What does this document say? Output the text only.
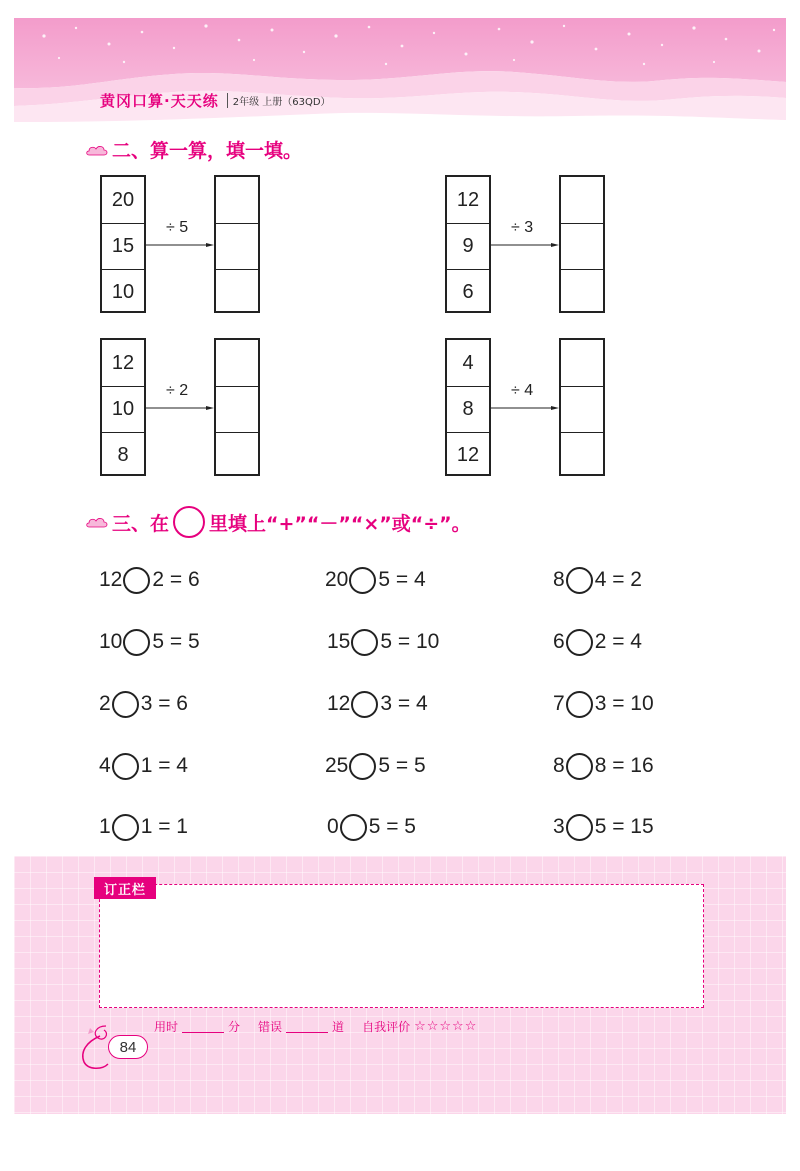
黄冈口算·天天练 2年级 上册（63QD）
二、算一算，填一填。
20
15
10
÷ 5
12
9
6
÷ 3
12
10
8
÷ 2
4
8
12
÷ 4
三、在 里填上“+”“－”“×”或“÷”。
12 2 = 6	20 5 = 4	8 4 = 2
10 5 = 5	15 5 = 10	6 2 = 4
2 3 = 6	12 3 = 4	7 3 = 10
4 1 = 4	25 5 = 5	8 8 = 16
1 1 = 1	0 5 = 5	3 5 = 15
订正栏
用时	分 错误	道 自我评价 ☆☆☆☆☆
84
